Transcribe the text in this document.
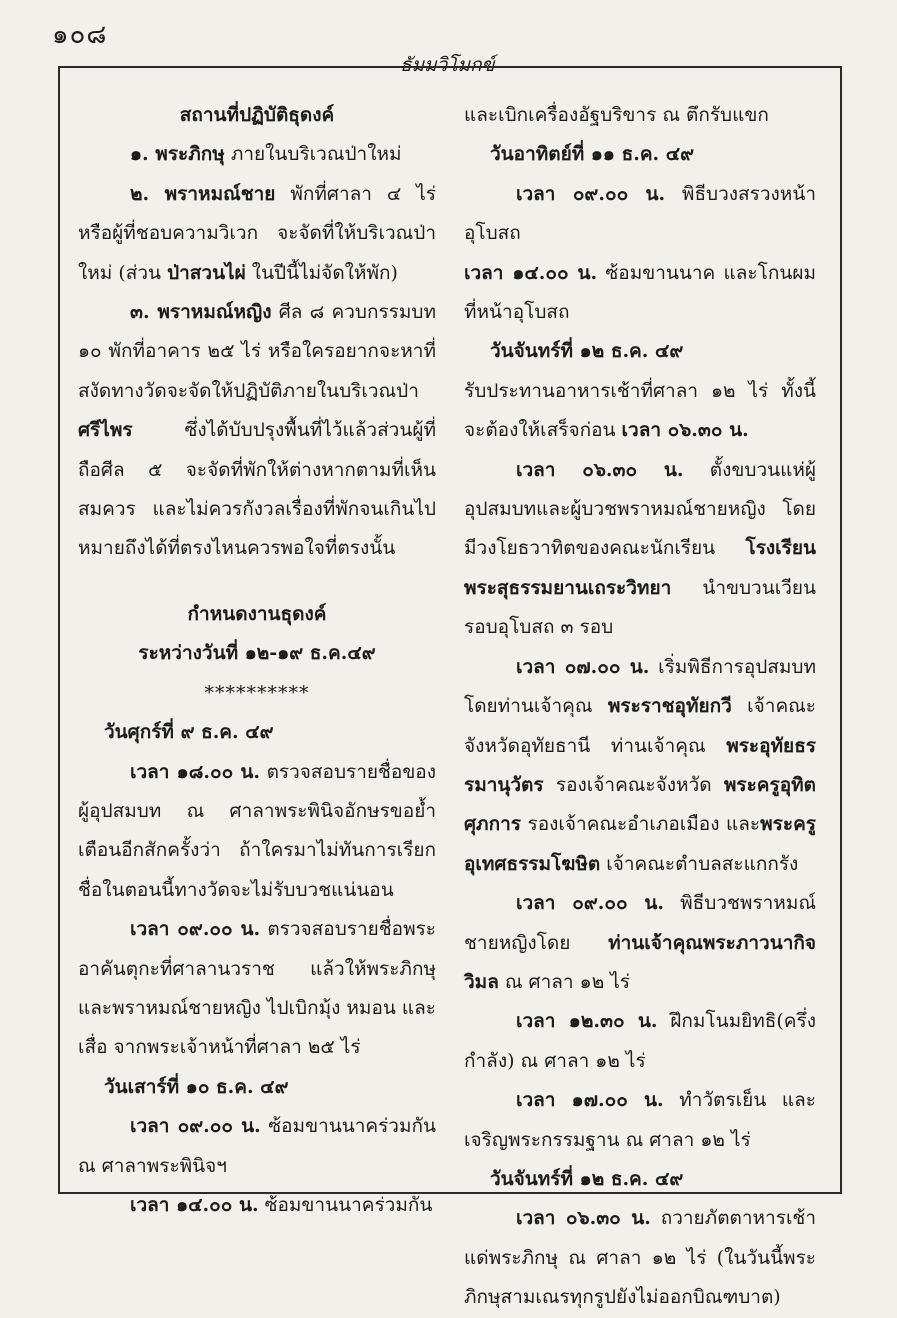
๑๐๘
ธัมมวิโมกข์

สถานที่ปฏิบัติธุดงค์

๑. พระภิกษุ ภายในบริเวณป่าใหม่

๒. พราหมณ์ชาย พักที่ศาลา ๔ ไร่ หรือผู้ที่ชอบความวิเวก จะจัดที่ให้บริเวณป่าใหม่ (ส่วน ป่าสวนไผ่ ในปีนี้ไม่จัดให้พัก)

๓. พราหมณ์หญิง ศีล ๘ ควบกรรมบท ๑๐ พักที่อาคาร ๒๕ ไร่ หรือใครอยากจะหาที่สงัดทางวัดจะจัดให้ปฏิบัติภายในบริเวณป่า ศรีไพร ซึ่งได้บับปรุงพื้นที่ไว้แล้วส่วนผู้ที่ถือศีล ๕ จะจัดที่พักให้ต่างหากตามที่เห็นสมควร และไม่ควรกังวลเรื่องที่พักจนเกินไป หมายถึงได้ที่ตรงไหนควรพอใจที่ตรงนั้น

กำหนดงานธุดงค์

ระหว่างวันที่ ๑๒-๑๙ ธ.ค.๔๙

**********

วันศุกร์ที่ ๙ ธ.ค. ๔๙

เวลา ๑๘.๐๐ น. ตรวจสอบรายชื่อของผู้อุปสมบท ณ ศาลาพระพินิจอักษรขอย้ำเตือนอีกสักครั้งว่า ถ้าใครมาไม่ทันการเรียกชื่อในตอนนี้ทางวัดจะไม่รับบวชแน่นอน

เวลา ๐๙.๐๐ น. ตรวจสอบรายชื่อพระอาคันตุกะที่ศาลานวราช แล้วให้พระภิกษุและพราหมณ์ชายหญิง ไปเบิกมุ้ง หมอน และเสื่อ จากพระเจ้าหน้าที่ศาลา ๒๕ ไร่

วันเสาร์ที่ ๑๐ ธ.ค. ๔๙

เวลา ๐๙.๐๐ น. ซ้อมขานนาคร่วมกัน ณ ศาลาพระพินิจฯ

เวลา ๑๔.๐๐ น. ซ้อมขานนาคร่วมกัน

และเบิกเครื่องอัฐบริขาร ณ ตึกรับแขก

วันอาทิตย์ที่ ๑๑ ธ.ค. ๔๙

เวลา ๐๙.๐๐ น. พิธีบวงสรวงหน้าอุโบสถ

เวลา ๑๔.๐๐ น. ซ้อมขานนาค และโกนผมที่หน้าอุโบสถ

วันจันทร์ที่ ๑๒ ธ.ค. ๔๙

รับประทานอาหารเช้าที่ศาลา ๑๒ ไร่ ทั้งนี้จะต้องให้เสร็จก่อน เวลา ๐๖.๓๐ น.

เวลา ๐๖.๓๐ น. ตั้งขบวนแห่ผู้อุปสมบทและผู้บวชพราหมณ์ชายหญิง โดยมีวงโยธวาทิตของคณะนักเรียน โรงเรียนพระสุธรรมยานเถระวิทยา นำขบวนเวียนรอบอุโบสถ ๓ รอบ

เวลา ๐๗.๐๐ น. เริ่มพิธีการอุปสมบทโดยท่านเจ้าคุณ พระราชอุทัยกวี เจ้าคณะจังหวัดอุทัยธานี ท่านเจ้าคุณ พระอุทัยธรรมานุวัตร รองเจ้าคณะจังหวัด พระครูอุทิตศุภการ รองเจ้าคณะอำเภอเมือง และพระครูอุเทศธรรมโฆษิต เจ้าคณะตำบลสะแกกรัง

เวลา ๐๙.๐๐ น. พิธีบวชพราหมณ์ชายหญิงโดย ท่านเจ้าคุณพระภาวนากิจวิมล ณ ศาลา ๑๒ ไร่

เวลา ๑๒.๓๐ น. ฝึกมโนมยิทธิ(ครึ่งกำลัง) ณ ศาลา ๑๒ ไร่

เวลา ๑๗.๐๐ น. ทำวัตรเย็น และเจริญพระกรรมฐาน ณ ศาลา ๑๒ ไร่

วันจันทร์ที่ ๑๒ ธ.ค. ๔๙

เวลา ๐๖.๓๐ น. ถวายภัตตาหารเช้าแด่พระภิกษุ ณ ศาลา ๑๒ ไร่ (ในวันนี้พระภิกษุสามเณรทุกรูปยังไม่ออกบิณฑบาต)
